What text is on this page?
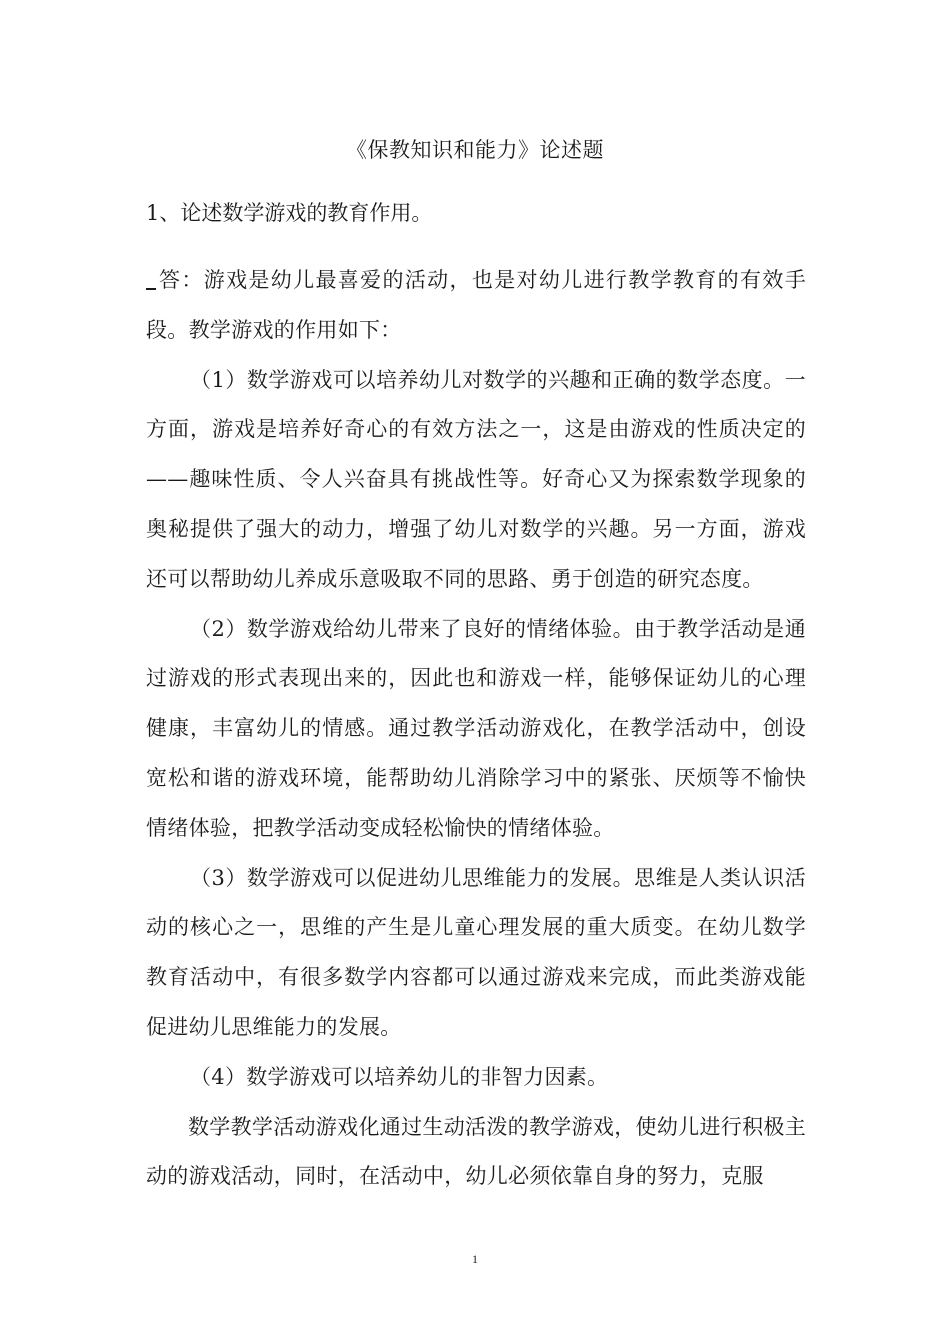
《保教知识和能力》论述题
1、论述数学游戏的教育作用。

答：游戏是幼儿最喜爱的活动，也是对幼儿进行教学教育的有效手段。教学游戏的作用如下：

（1）数学游戏可以培养幼儿对数学的兴趣和正确的数学态度。一方面，游戏是培养好奇心的有效方法之一，这是由游戏的性质决定的——趣味性质、令人兴奋具有挑战性等。好奇心又为探索数学现象的奥秘提供了强大的动力，增强了幼儿对数学的兴趣。另一方面，游戏还可以帮助幼儿养成乐意吸取不同的思路、勇于创造的研究态度。

（2）数学游戏给幼儿带来了良好的情绪体验。由于教学活动是通过游戏的形式表现出来的，因此也和游戏一样，能够保证幼儿的心理健康，丰富幼儿的情感。通过教学活动游戏化，在教学活动中，创设宽松和谐的游戏环境，能帮助幼儿消除学习中的紧张、厌烦等不愉快情绪体验，把教学活动变成轻松愉快的情绪体验。

（3）数学游戏可以促进幼儿思维能力的发展。思维是人类认识活动的核心之一，思维的产生是儿童心理发展的重大质变。在幼儿数学教育活动中，有很多数学内容都可以通过游戏来完成，而此类游戏能促进幼儿思维能力的发展。

（4）数学游戏可以培养幼儿的非智力因素。

数学教学活动游戏化通过生动活泼的教学游戏，使幼儿进行积极主动的游戏活动，同时，在活动中，幼儿必须依靠自身的努力，克服

1
